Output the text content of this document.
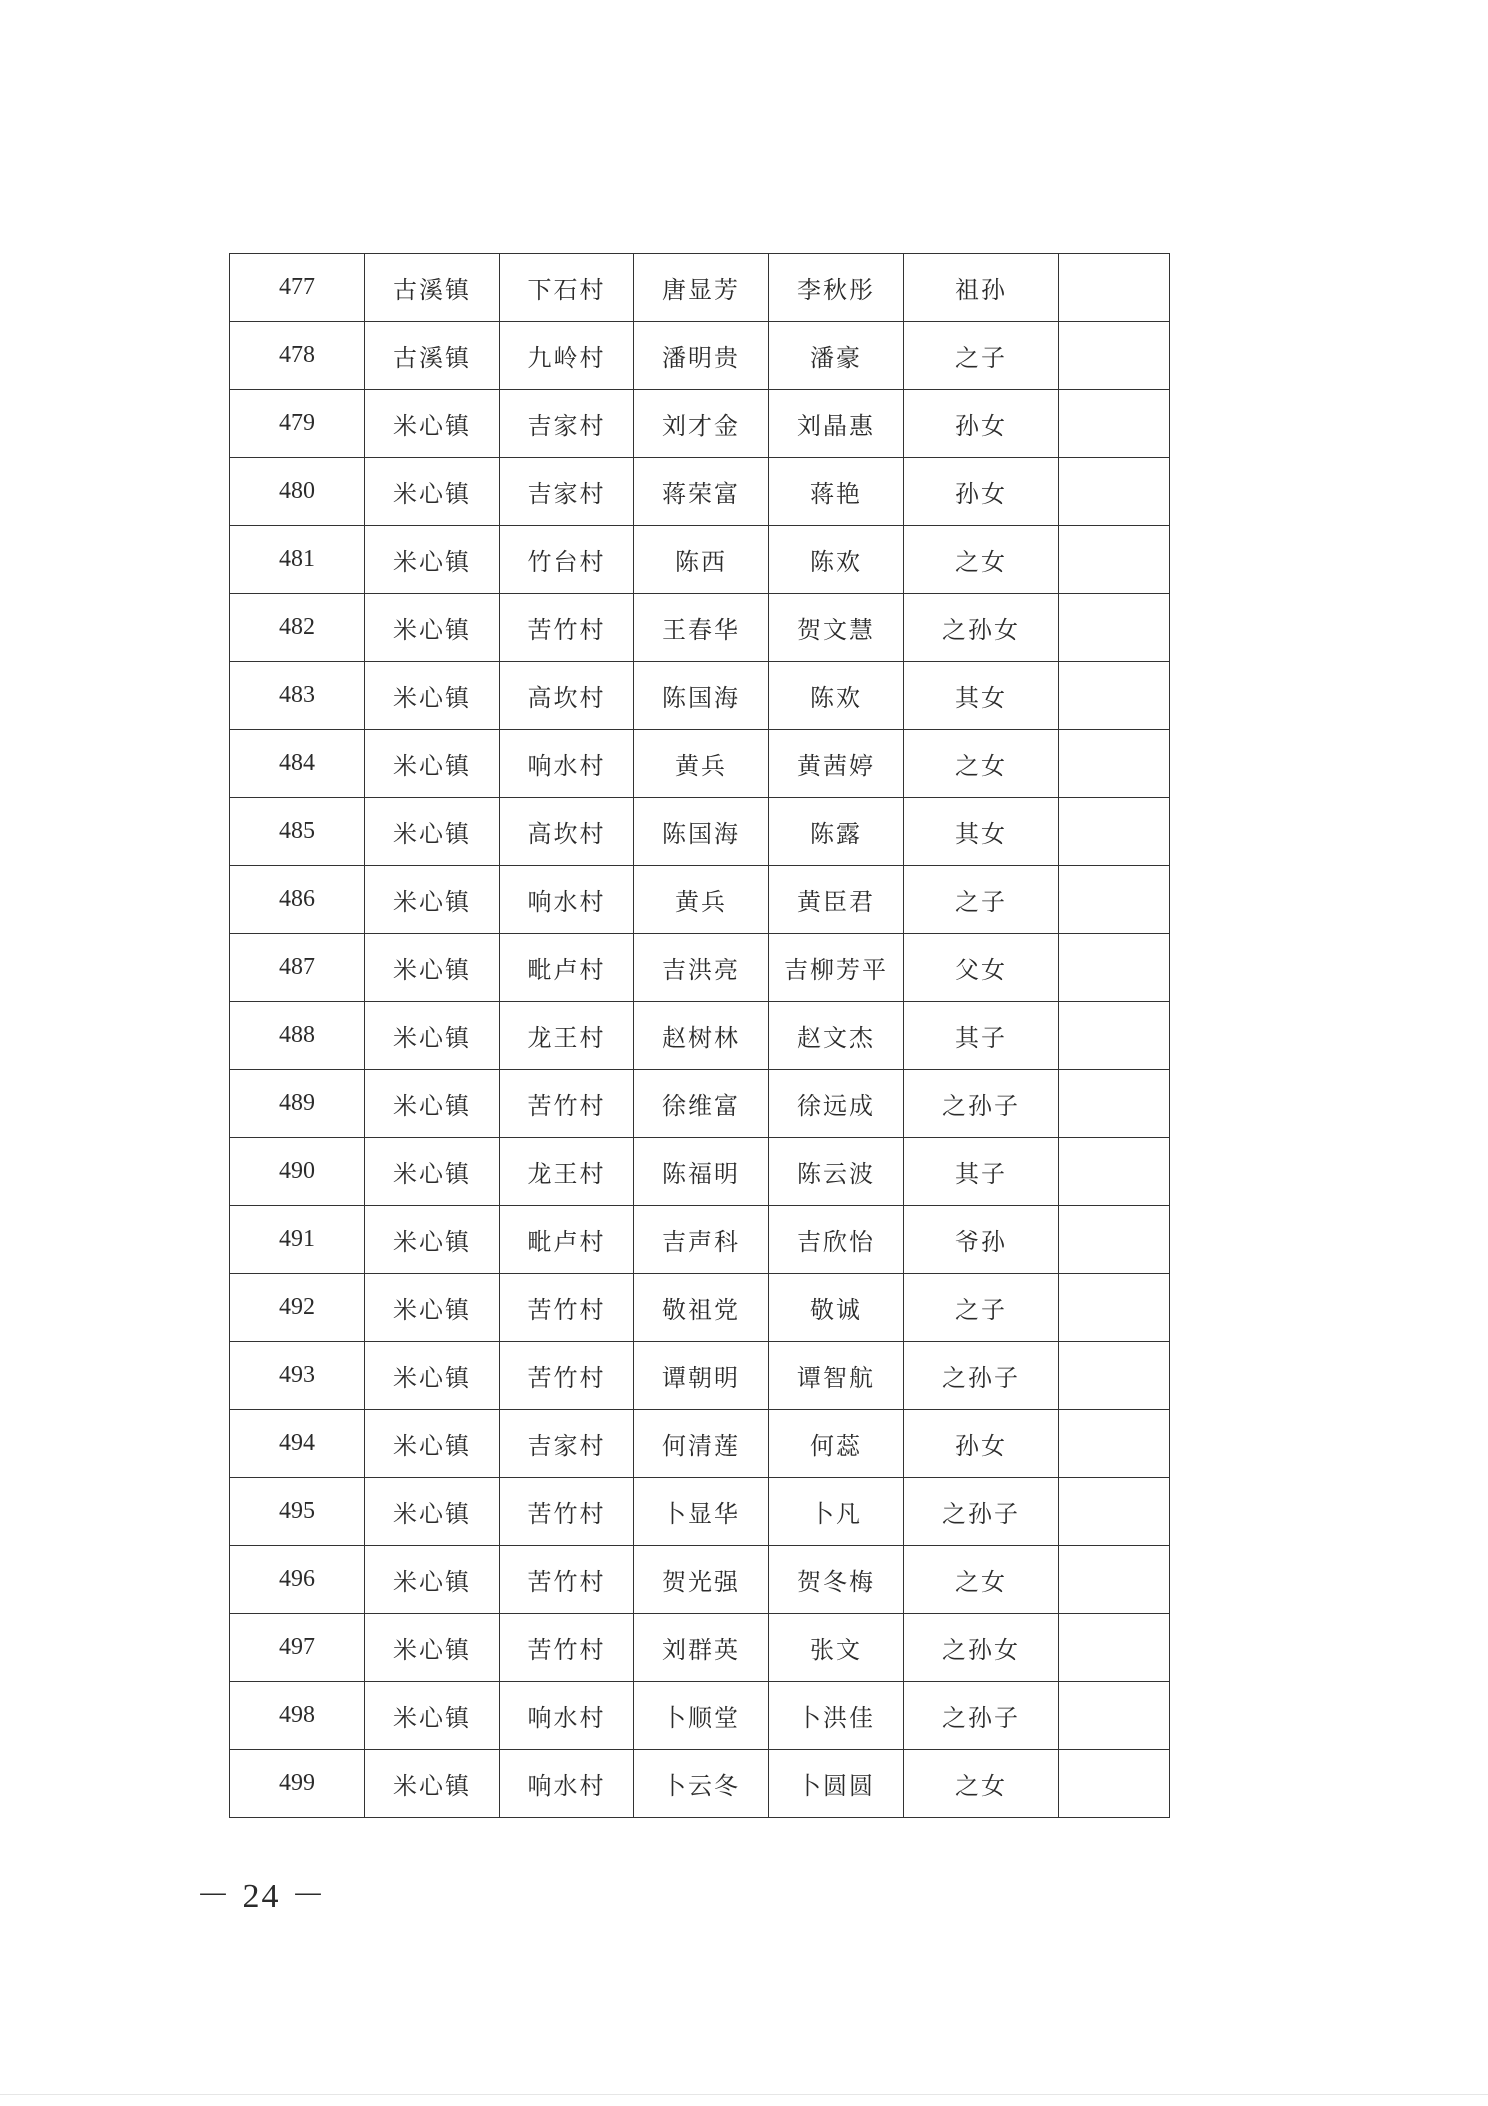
477	古溪镇	下石村	唐显芳	李秋彤	祖孙	
478	古溪镇	九岭村	潘明贵	潘豪	之子	
479	米心镇	吉家村	刘才金	刘晶惠	孙女	
480	米心镇	吉家村	蒋荣富	蒋艳	孙女	
481	米心镇	竹台村	陈西	陈欢	之女	
482	米心镇	苦竹村	王春华	贺文慧	之孙女	
483	米心镇	高坎村	陈国海	陈欢	其女	
484	米心镇	响水村	黄兵	黄茜婷	之女	
485	米心镇	高坎村	陈国海	陈露	其女	
486	米心镇	响水村	黄兵	黄臣君	之子	
487	米心镇	毗卢村	吉洪亮	吉柳芳平	父女	
488	米心镇	龙王村	赵树林	赵文杰	其子	
489	米心镇	苦竹村	徐维富	徐远成	之孙子	
490	米心镇	龙王村	陈福明	陈云波	其子	
491	米心镇	毗卢村	吉声科	吉欣怡	爷孙	
492	米心镇	苦竹村	敬祖党	敬诚	之子	
493	米心镇	苦竹村	谭朝明	谭智航	之孙子	
494	米心镇	吉家村	何清莲	何蕊	孙女	
495	米心镇	苦竹村	卜显华	卜凡	之孙子	
496	米心镇	苦竹村	贺光强	贺冬梅	之女	
497	米心镇	苦竹村	刘群英	张文	之孙女	
498	米心镇	响水村	卜顺堂	卜洪佳	之孙子	
499	米心镇	响水村	卜云冬	卜圆圆	之女	
－ 24 －
